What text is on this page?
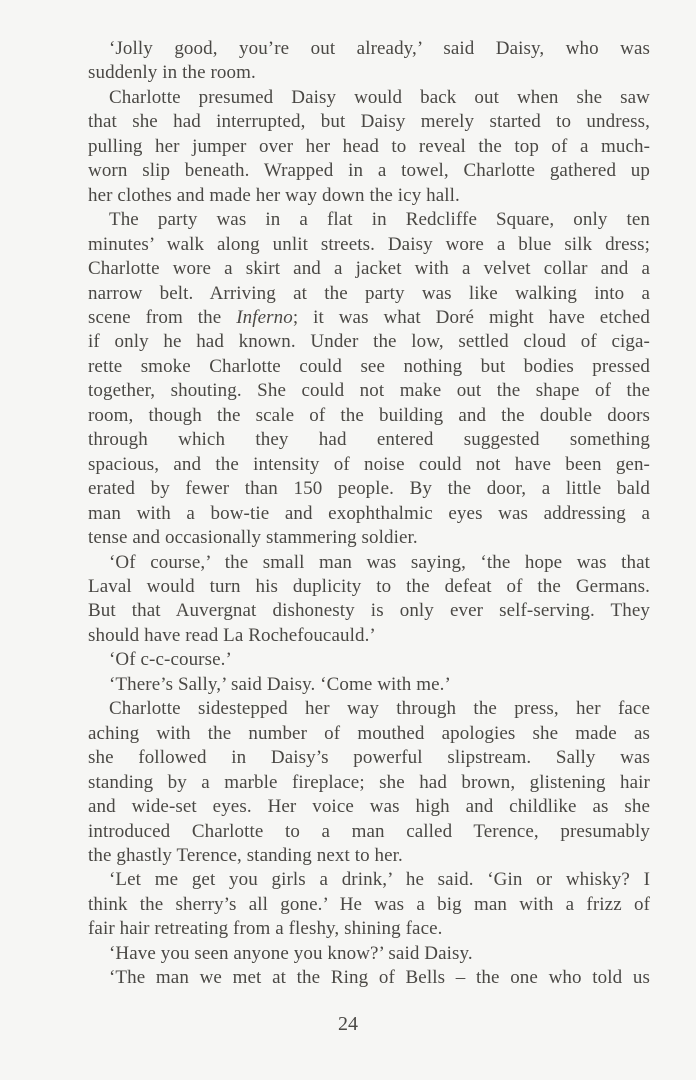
‘Jolly good, you’re out already,’ said Daisy, who was
suddenly in the room.
Charlotte presumed Daisy would back out when she saw
that she had interrupted, but Daisy merely started to undress,
pulling her jumper over her head to reveal the top of a much-
worn slip beneath. Wrapped in a towel, Charlotte gathered up
her clothes and made her way down the icy hall.
The party was in a flat in Redcliffe Square, only ten
minutes’ walk along unlit streets. Daisy wore a blue silk dress;
Charlotte wore a skirt and a jacket with a velvet collar and a
narrow belt. Arriving at the party was like walking into a
scene from the Inferno; it was what Doré might have etched
if only he had known. Under the low, settled cloud of ciga-
rette smoke Charlotte could see nothing but bodies pressed
together, shouting. She could not make out the shape of the
room, though the scale of the building and the double doors
through which they had entered suggested something
spacious, and the intensity of noise could not have been gen-
erated by fewer than 150 people. By the door, a little bald
man with a bow-tie and exophthalmic eyes was addressing a
tense and occasionally stammering soldier.
‘Of course,’ the small man was saying, ‘the hope was that
Laval would turn his duplicity to the defeat of the Germans.
But that Auvergnat dishonesty is only ever self-serving. They
should have read La Rochefoucauld.’
‘Of c-c-course.’
‘There’s Sally,’ said Daisy. ‘Come with me.’
Charlotte sidestepped her way through the press, her face
aching with the number of mouthed apologies she made as
she followed in Daisy’s powerful slipstream. Sally was
standing by a marble fireplace; she had brown, glistening hair
and wide-set eyes. Her voice was high and childlike as she
introduced Charlotte to a man called Terence, presumably
the ghastly Terence, standing next to her.
‘Let me get you girls a drink,’ he said. ‘Gin or whisky? I
think the sherry’s all gone.’ He was a big man with a frizz of
fair hair retreating from a fleshy, shining face.
‘Have you seen anyone you know?’ said Daisy.
‘The man we met at the Ring of Bells – the one who told us
24
